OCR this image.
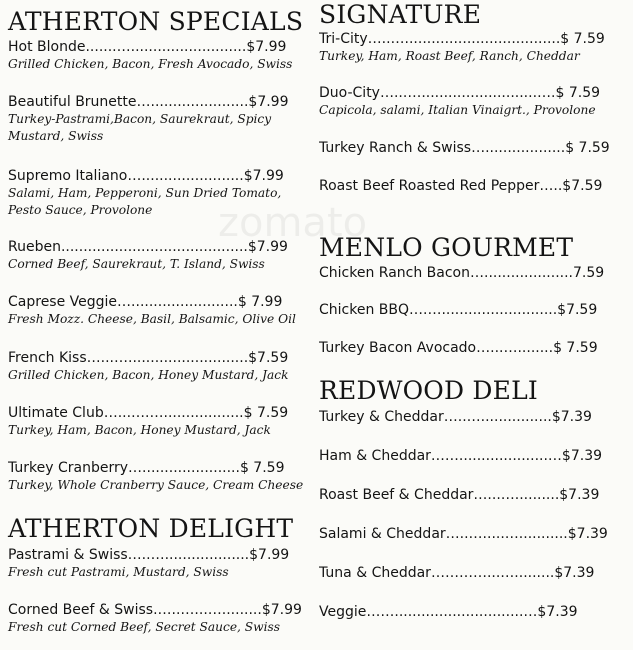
zomato
ATHERTON SPECIALS
Hot Blonde.......…..........................$7.99
Grilled Chicken, Bacon, Fresh Avocado, Swiss
Beautiful Brunette…......................$7.99
Turkey-Pastrami,Bacon, Saurekraut, Spicy Mustard, Swiss
Supremo Italiano….......................$7.99
Salami, Ham, Pepperoni, Sun Dried Tomato, Pesto Sauce, Provolone
Rueben..........................................$7.99
Corned Beef, Saurekraut, T. Island, Swiss
Caprese Veggie…........................$ 7.99
Fresh Mozz. Cheese, Basil, Balsamic, Olive Oil
French Kiss…...…...........................$7.59
Grilled Chicken, Bacon, Honey Mustard, Jack
Ultimate Club…...….…..................$ 7.59
Turkey, Ham, Bacon, Honey Mustard, Jack
Turkey Cranberry…......................$ 7.59
Turkey, Whole Cranberry Sauce, Cream Cheese
ATHERTON DELIGHT
Pastrami & Swiss…..…...................$7.99
Fresh cut Pastrami, Mustard, Swiss
Corned Beef & Swiss.…..…...….........$7.99
Fresh cut Corned Beef, Secret Sauce, Swiss
SIGNATURE
Tri-City…..…...................................$ 7.59
Turkey, Ham, Roast Beef, Ranch, Cheddar
Duo-City…...…..........................….$ 7.59
Capicola, salami, Italian Vinaigrt., Provolone
Turkey Ranch & Swiss…..................$ 7.59
Roast Beef Roasted Red Pepper…..$7.59
MENLO GOURMET
Chicken Ranch Bacon…....................7.59
Chicken BBQ….…..........................$7.59
Turkey Bacon Avocado…...…........$ 7.59
REDWOOD DELI
Turkey & Cheddar…..…................$7.39
Ham & Cheddar……....................…$7.39
Roast Beef & Cheddar…...…..........$7.39
Salami & Cheddar…..….....…...........$7.39
Tuna & Cheddar…………...….........$7.39
Veggie…….............................…$7.39
